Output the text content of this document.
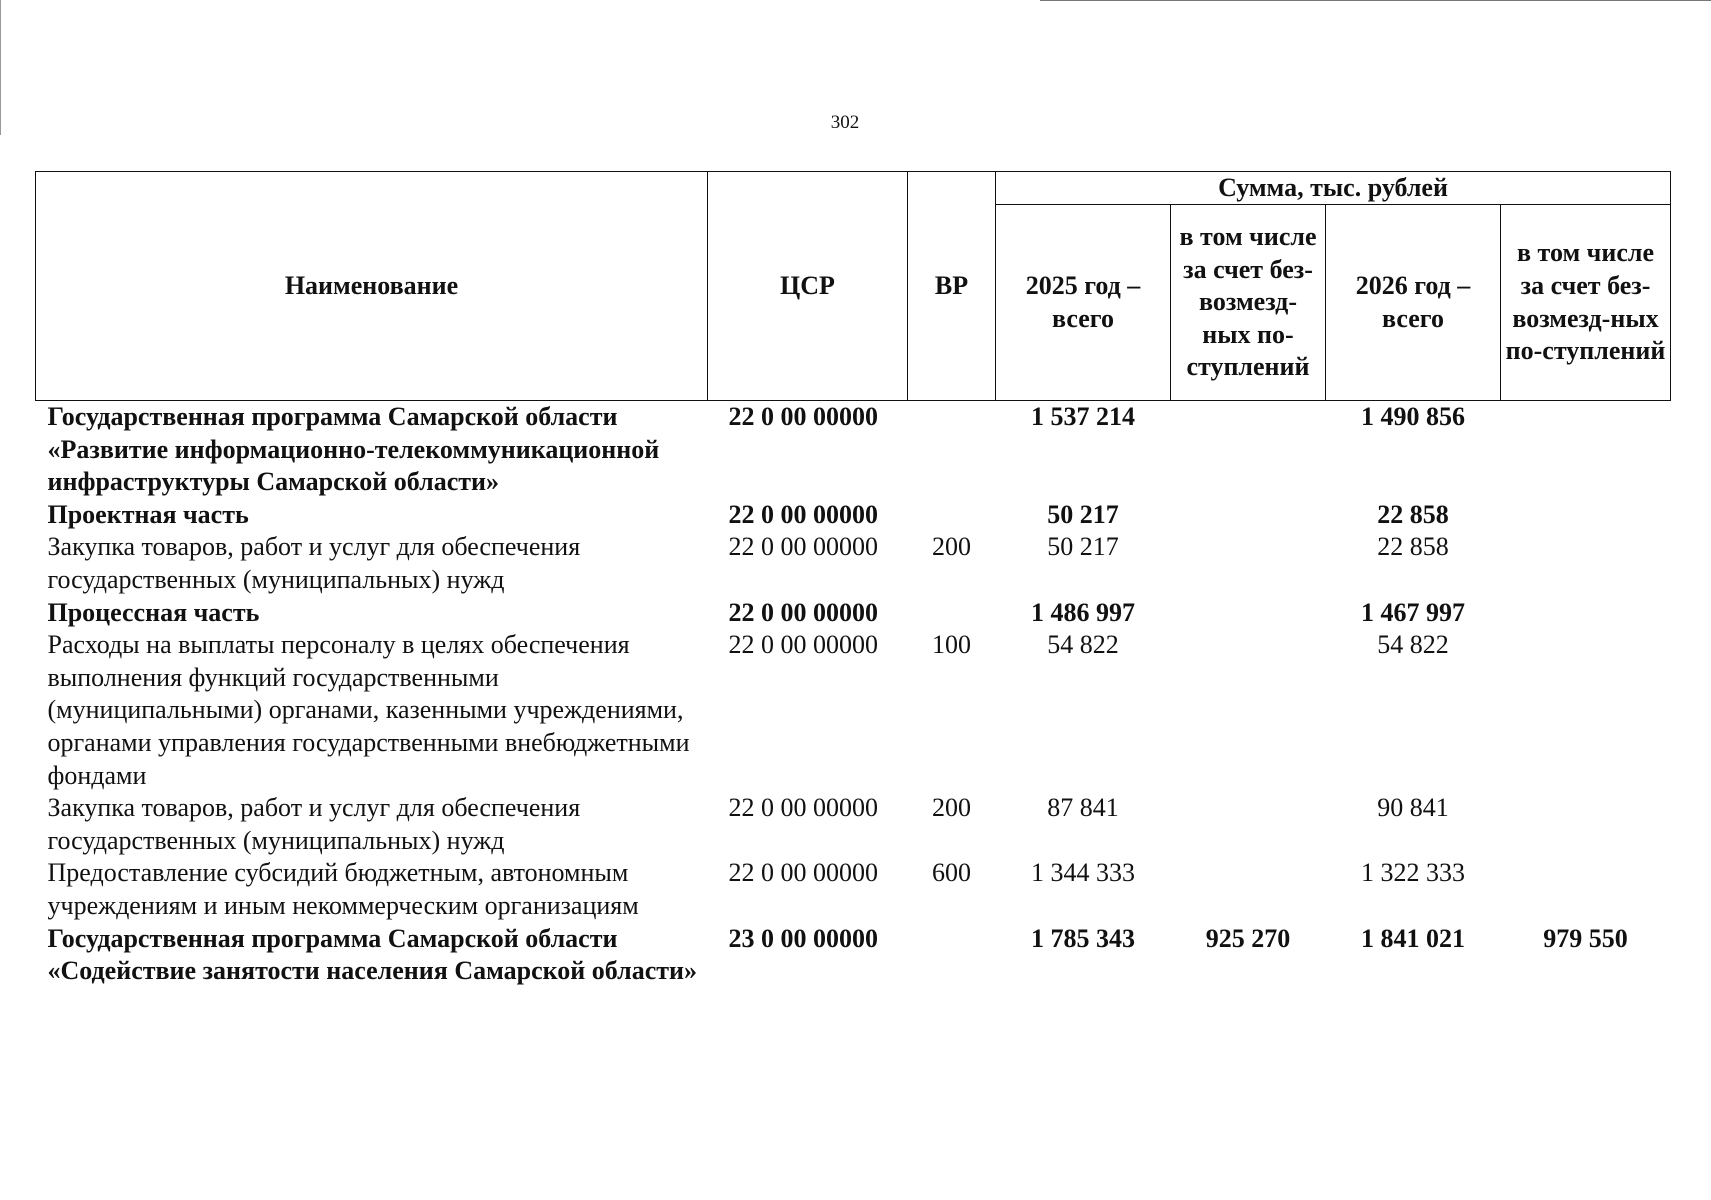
302
Наименование	ЦСР	ВР	Сумма, тыс. рублей			
			2025 год – всего	в том числе за счет без-возмезд-ных по-ступлений	2026 год – всего	в том числе за счет без-возмезд-ных по-ступлений
Государственная программа Самарской области «Развитие информационно-телекоммуникационной инфраструктуры Самарской области»	22 0 00 00000		1 537 214		1 490 856	
Проектная часть	22 0 00 00000		50 217		22 858	
Закупка товаров, работ и услуг для обеспечения государственных (муниципальных) нужд	22 0 00 00000	200	50 217		22 858	
Процессная часть	22 0 00 00000		1 486 997		1 467 997	
Расходы на выплаты персоналу в целях обеспечения выполнения функций государственными (муниципальными) органами, казенными учреждениями, органами управления государственными внебюджетными фондами	22 0 00 00000	100	54 822		54 822	
Закупка товаров, работ и услуг для обеспечения государственных (муниципальных) нужд	22 0 00 00000	200	87 841		90 841	
Предоставление субсидий бюджетным, автономным учреждениям и иным некоммерческим организациям	22 0 00 00000	600	1 344 333		1 322 333	
Государственная программа Самарской области «Содействие занятости населения Самарской области»	23 0 00 00000		1 785 343	925 270	1 841 021	979 550
